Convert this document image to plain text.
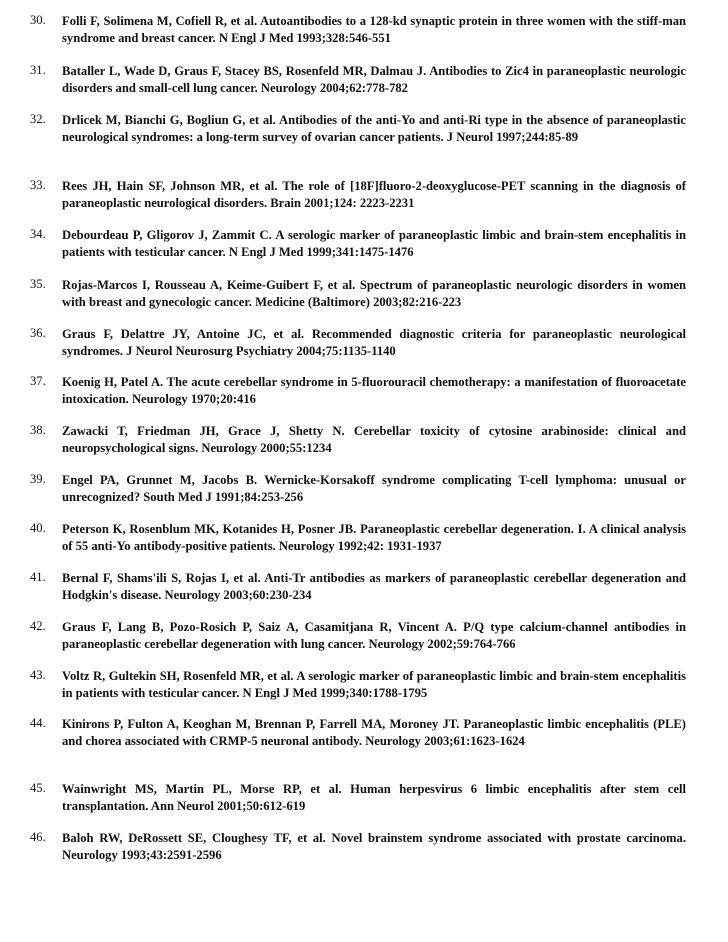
30.	Folli F, Solimena M, Cofiell R, et al. Autoantibodies to a 128-kd synaptic protein in three women with the stiff-man syndrome and breast cancer. N Engl J Med 1993;328:546-551
31.	Bataller L, Wade D, Graus F, Stacey BS, Rosenfeld MR, Dalmau J. Antibodies to Zic4 in paraneoplastic neurologic disorders and small-cell lung cancer. Neurology 2004;62:778-782
32.	Drlicek M, Bianchi G, Bogliun G, et al. Antibodies of the anti-Yo and anti-Ri type in the absence of paraneoplastic neurological syndromes: a long-term survey of ovarian cancer patients. J Neurol 1997;244:85-89
33.	Rees JH, Hain SF, Johnson MR, et al. The role of [18F]fluoro-2-deoxyglucose-PET scanning in the diagnosis of paraneoplastic neurological disorders. Brain 2001;124: 2223-2231
34.	Debourdeau P, Gligorov J, Zammit C. A serologic marker of paraneoplastic limbic and brain-stem encephalitis in patients with testicular cancer. N Engl J Med 1999;341:1475-1476
35.	Rojas-Marcos I, Rousseau A, Keime-Guibert F, et al. Spectrum of paraneoplastic neurologic disorders in women with breast and gynecologic cancer. Medicine (Baltimore) 2003;82:216-223
36.	Graus F, Delattre JY, Antoine JC, et al. Recommended diagnostic criteria for paraneoplastic neurological syndromes. J Neurol Neurosurg Psychiatry 2004;75:1135-1140
37.	Koenig H, Patel A. The acute cerebellar syndrome in 5-fluorouracil chemotherapy: a manifestation of fluoroacetate intoxication. Neurology 1970;20:416
38.	Zawacki T, Friedman JH, Grace J, Shetty N. Cerebellar toxicity of cytosine arabinoside: clinical and neuropsychological signs. Neurology 2000;55:1234
39.	Engel PA, Grunnet M, Jacobs B. Wernicke-Korsakoff syndrome complicating T-cell lymphoma: unusual or unrecognized? South Med J 1991;84:253-256
40.	Peterson K, Rosenblum MK, Kotanides H, Posner JB. Paraneoplastic cerebellar degeneration. I. A clinical analysis of 55 anti-Yo antibody-positive patients. Neurology 1992;42: 1931-1937
41.	Bernal F, Shams'ili S, Rojas I, et al. Anti-Tr antibodies as markers of paraneoplastic cerebellar degeneration and Hodgkin's disease. Neurology 2003;60:230-234
42.	Graus F, Lang B, Pozo-Rosich P, Saiz A, Casamitjana R, Vincent A. P/Q type calcium-channel antibodies in paraneoplastic cerebellar degeneration with lung cancer. Neurology 2002;59:764-766
43.	Voltz R, Gultekin SH, Rosenfeld MR, et al. A serologic marker of paraneoplastic limbic and brain-stem encephalitis in patients with testicular cancer. N Engl J Med 1999;340:1788-1795
44.	Kinirons P, Fulton A, Keoghan M, Brennan P, Farrell MA, Moroney JT. Paraneoplastic limbic encephalitis (PLE) and chorea associated with CRMP-5 neuronal antibody. Neurology 2003;61:1623-1624
45.	Wainwright MS, Martin PL, Morse RP, et al. Human herpesvirus 6 limbic encephalitis after stem cell transplantation. Ann Neurol 2001;50:612-619
46.	Baloh RW, DeRossett SE, Cloughesy TF, et al. Novel brainstem syndrome associated with prostate carcinoma. Neurology 1993;43:2591-2596
